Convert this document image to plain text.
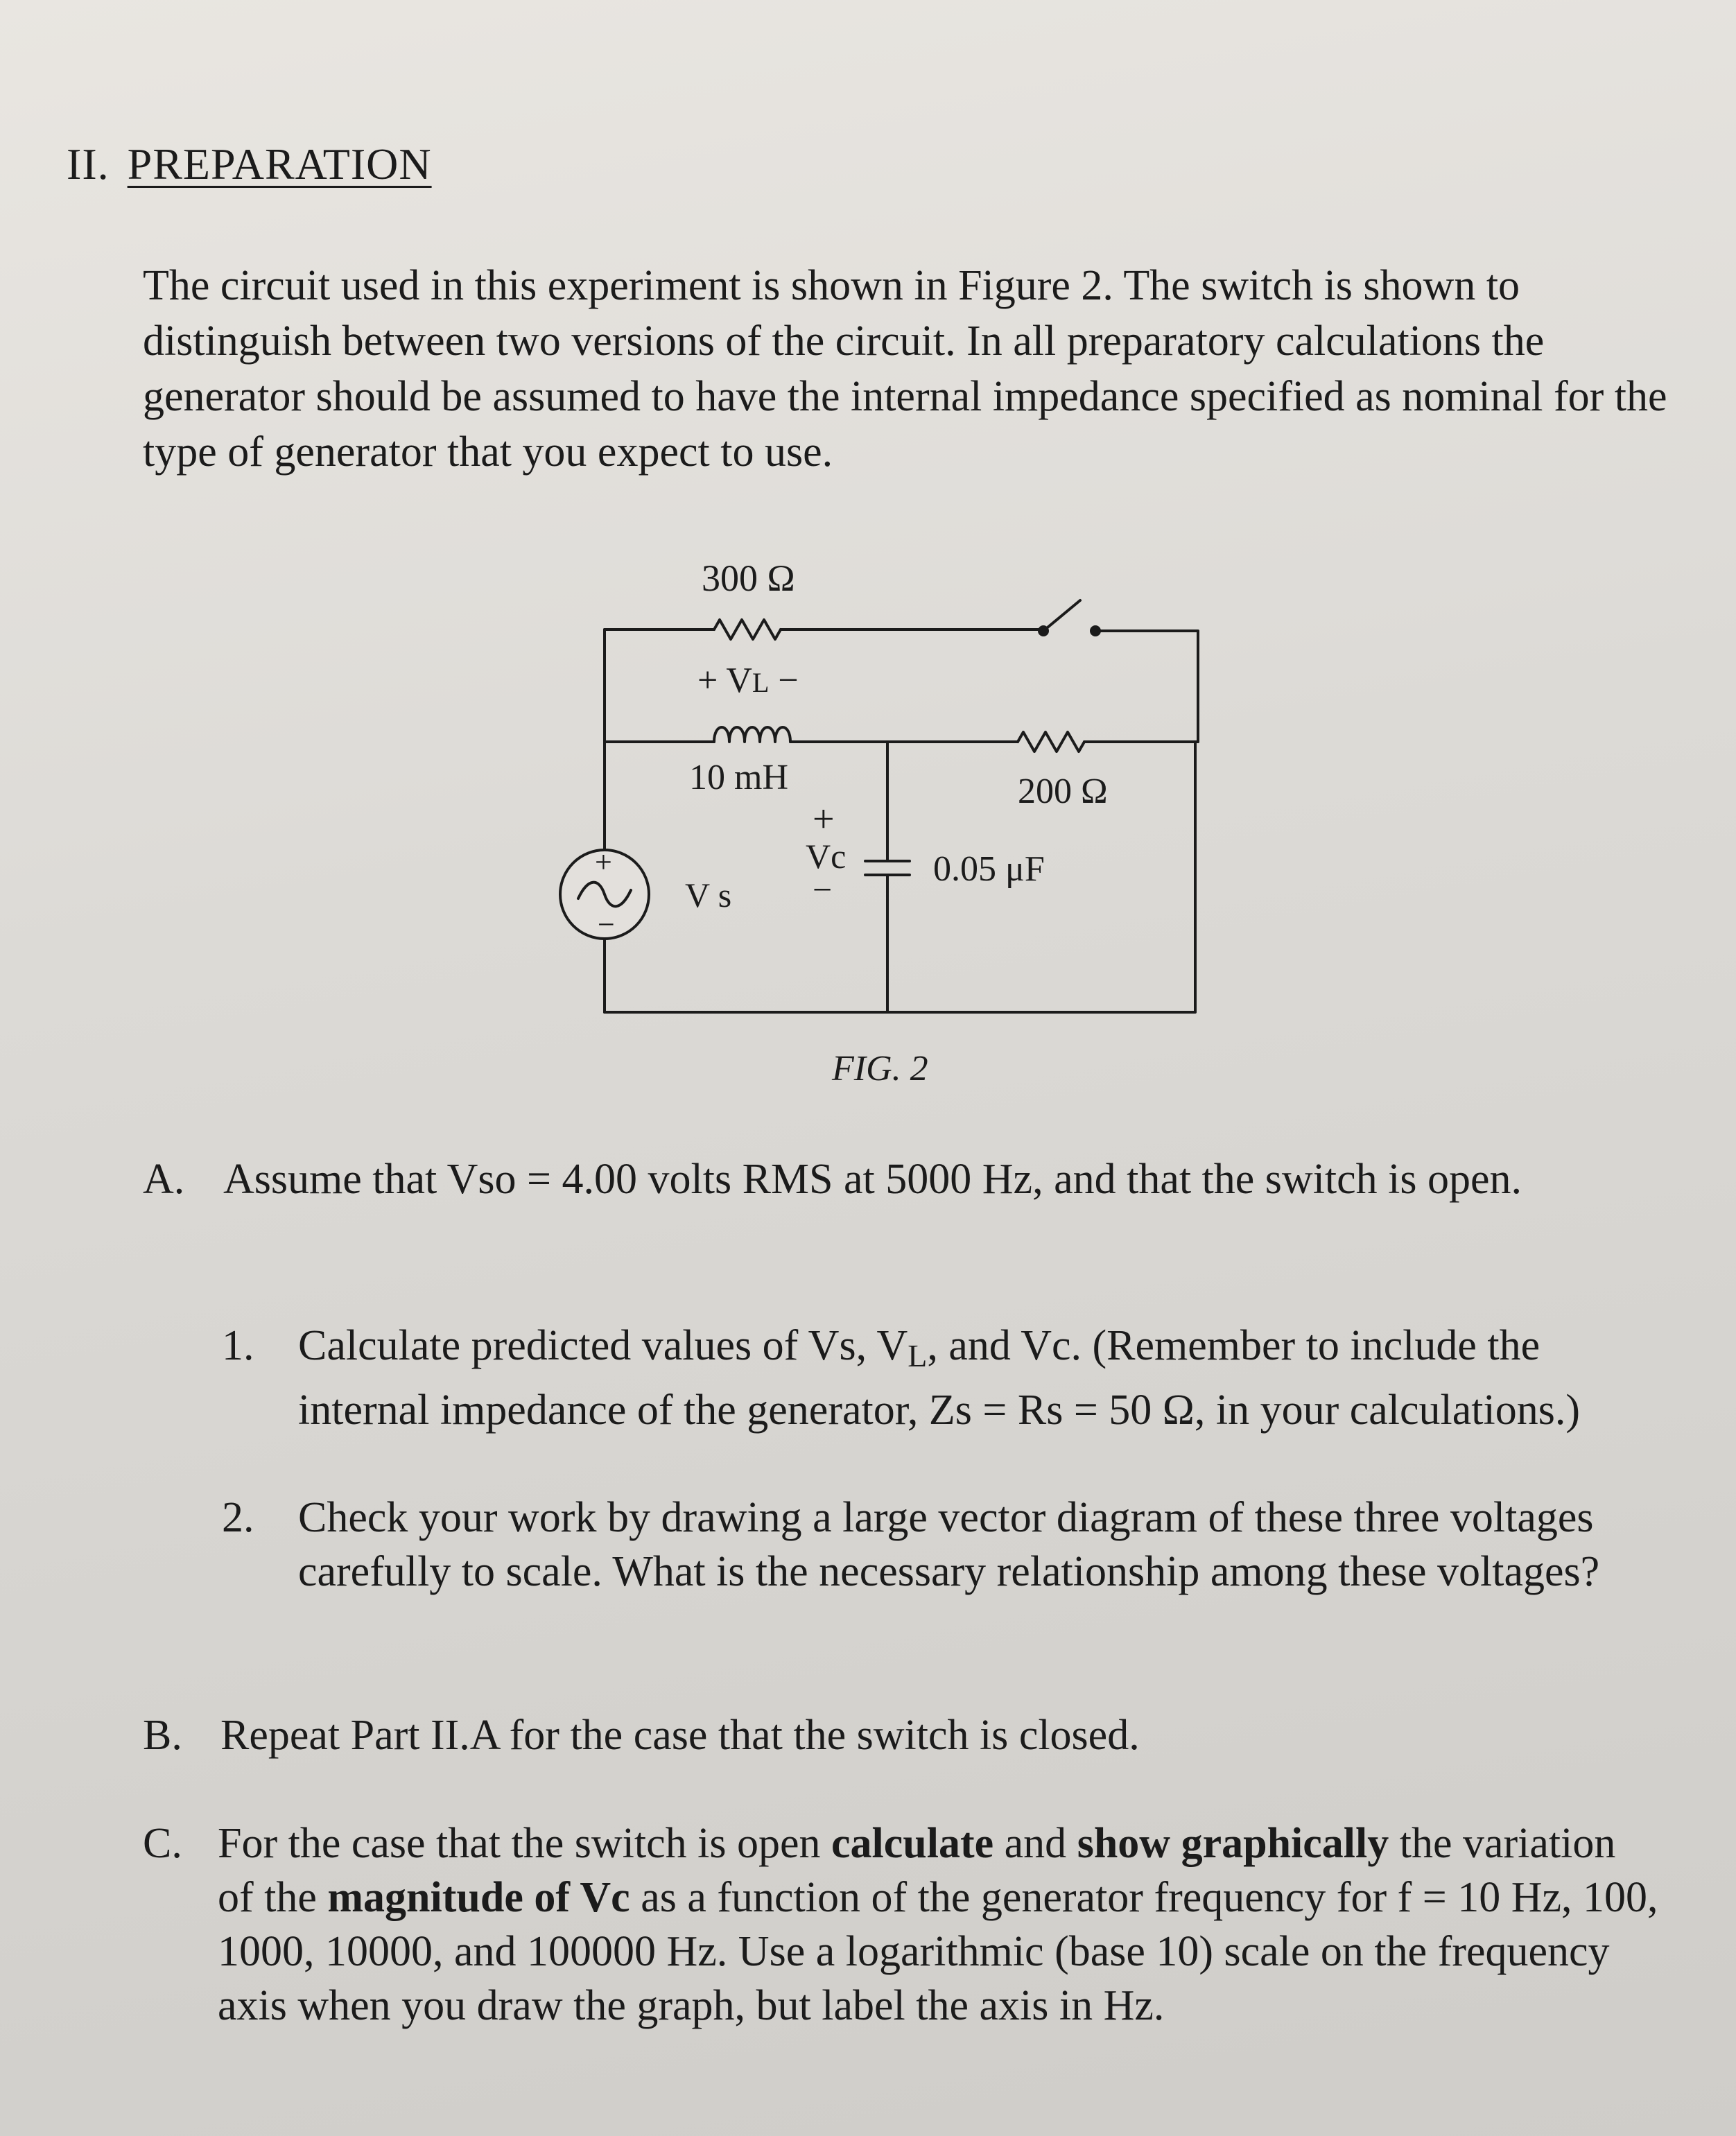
II. PREPARATION
The circuit used in this experiment is shown in Figure 2. The switch is shown to distinguish between two versions of the circuit. In all preparatory calculations the generator should be assumed to have the internal impedance specified as nominal for the type of generator that you expect to use.
300 Ω
+ VL −
10 mH	200 Ω
+
Vc
−
0.05 μF
V s
+
−
FIG. 2
A. Assume that Vso = 4.00 volts RMS at 5000 Hz, and that the switch is open.
1. Calculate predicted values of Vs, $V_L$, and Vc. (Remember to include the internal impedance of the generator, Zs = Rs = 50 Ω, in your calculations.)
2. Check your work by drawing a large vector diagram of these three voltages carefully to scale. What is the necessary relationship among these voltages?
B. Repeat Part II.A for the case that the switch is closed.
C. For the case that the switch is open calculate and show graphically the variation of the magnitude of Vc as a function of the generator frequency for f = 10 Hz, 100, 1000, 10000, and 100000 Hz. Use a logarithmic (base 10) scale on the frequency axis when you draw the graph, but label the axis in Hz.
